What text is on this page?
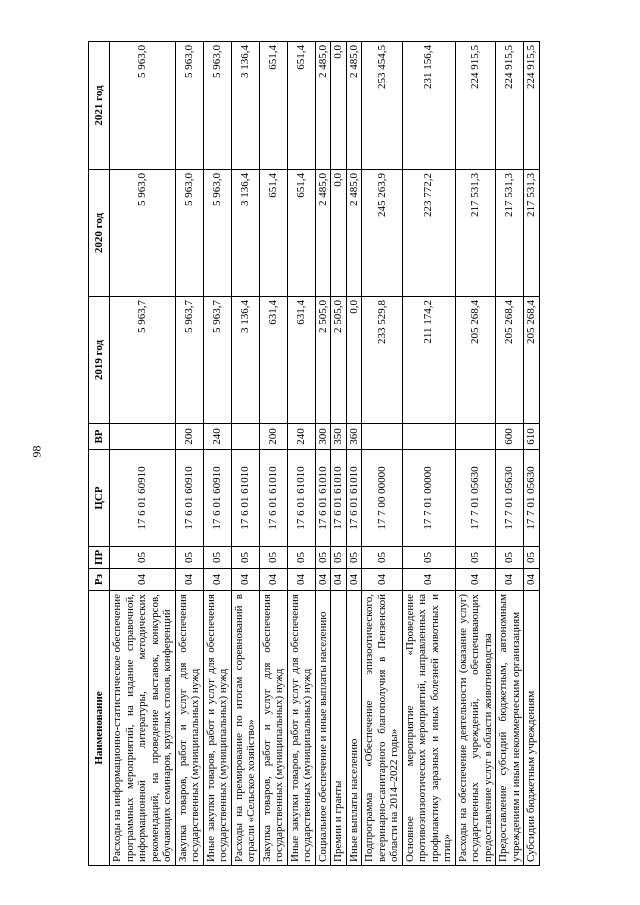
98
Наименование	Рз	ПР	ЦСР	ВР	2019 год	2020 год	2021 год
Расходы на информационно-статистическое обеспечение программных мероприятий, на издание справочной, информационной литературы, методических рекомендаций, на проведение выставок, конкурсов, обучающих семинаров, круглых столов, конференций	04	05	17 6 01 60910		5 963,7	5 963,0	5 963,0
Закупка товаров, работ и услуг для обеспечения государственных (муниципальных) нужд	04	05	17 6 01 60910	200	5 963,7	5 963,0	5 963,0
Иные закупки товаров, работ и услуг для обеспечения государственных (муниципальных) нужд	04	05	17 6 01 60910	240	5 963,7	5 963,0	5 963,0
Расходы на премирование по итогам соревнований в отрасли «Сельское хозяйство»	04	05	17 6 01 61010		3 136,4	3 136,4	3 136,4
Закупка товаров, работ и услуг для обеспечения государственных (муниципальных) нужд	04	05	17 6 01 61010	200	631,4	651,4	651,4
Иные закупки товаров, работ и услуг для обеспечения государственных (муниципальных) нужд	04	05	17 6 01 61010	240	631,4	651,4	651,4
Социальное обеспечение и иные выплаты населению	04	05	17 6 01 61010	300	2 505,0	2 485,0	2 485,0
Премии и гранты	04	05	17 6 01 61010	350	2 505,0	0,0	0,0
Иные выплаты населению	04	05	17 6 01 61010	360	0,0	2 485,0	2 485,0
Подпрограмма «Обеспечение эпизоотического, ветеринарно-санитарного благополучия в Пензенской области на 2014–2022 годы»	04	05	17 7 00 00000		233 529,8	245 263,9	253 454,5
Основное мероприятие «Проведение противоэпизоотических мероприятий, направленных на профилактику заразных и иных болезней животных и птиц»	04	05	17 7 01 00000		211 174,2	223 772,2	231 156,4
Расходы на обеспечение деятельности (оказание услуг) государственных учреждений, обеспечивающих предоставление услуг в области животноводства	04	05	17 7 01 05630		205 268,4	217 531,3	224 915,5
Предоставление субсидий бюджетным, автономным учреждениям и иным некоммерческим организациям	04	05	17 7 01 05630	600	205 268,4	217 531,3	224 915,5
Субсидии бюджетным учреждениям	04	05	17 7 01 05630	610	205 268,4	217 531,3	224 915,5
